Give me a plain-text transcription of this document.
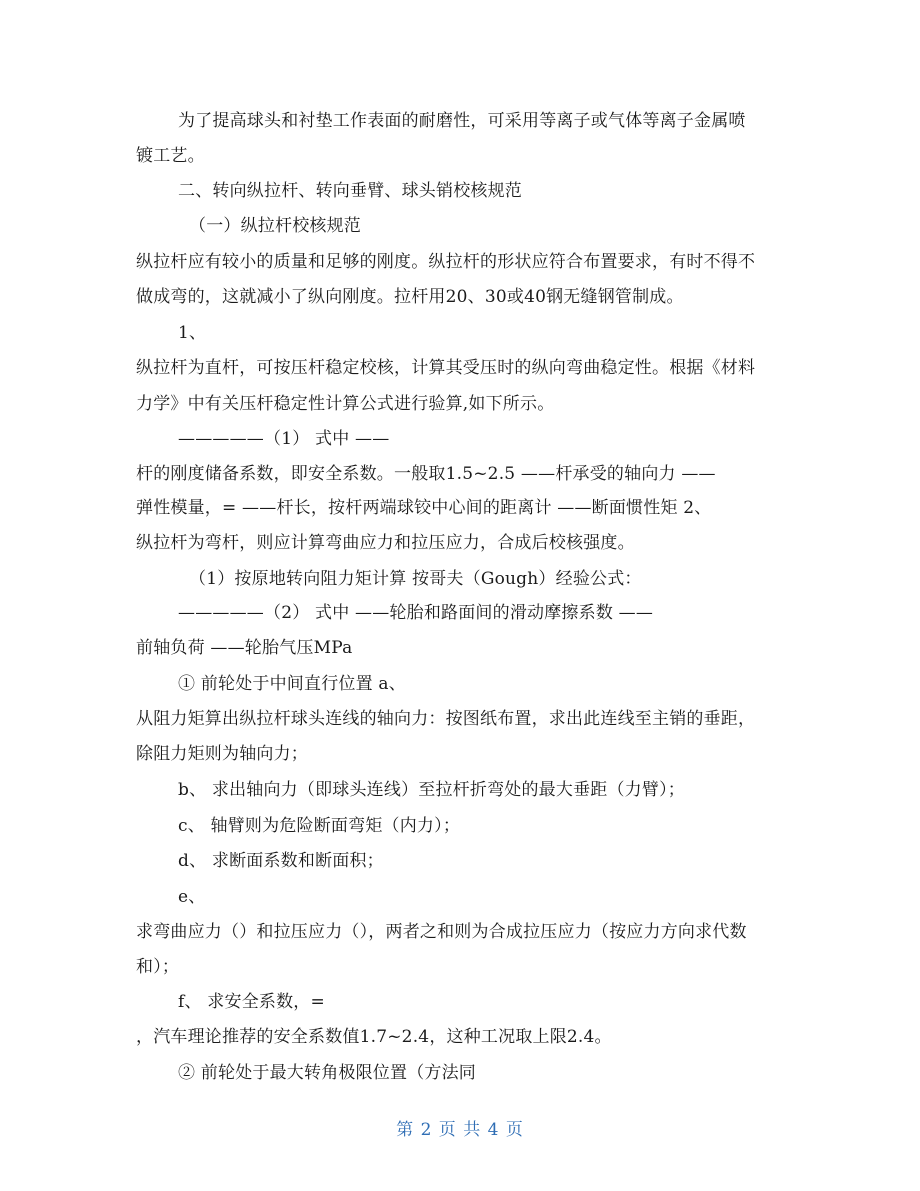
为了提高球头和衬垫工作表面的耐磨性，可采用等离子或气体等离子金属喷
镀工艺。
二、转向纵拉杆、转向垂臂、球头销校核规范
（一）纵拉杆校核规范
纵拉杆应有较小的质量和足够的刚度。纵拉杆的形状应符合布置要求，有时不得不
做成弯的，这就减小了纵向刚度。拉杆用20、30或40钢无缝钢管制成。
1、
纵拉杆为直杆，可按压杆稳定校核，计算其受压时的纵向弯曲稳定性。根据《材料
力学》中有关压杆稳定性计算公式进行验算,如下所示。
—————（1） 式中 ——
杆的刚度储备系数，即安全系数。一般取1.5~2.5 ——杆承受的轴向力 ——
弹性模量，= ——杆长，按杆两端球铰中心间的距离计 ——断面惯性矩 2、
纵拉杆为弯杆，则应计算弯曲应力和拉压应力，合成后校核强度。
（1）按原地转向阻力矩计算 按哥夫（Gough）经验公式：
—————（2） 式中 ——轮胎和路面间的滑动摩擦系数 ——
前轴负荷 ——轮胎气压MPa
① 前轮处于中间直行位置 a、
从阻力矩算出纵拉杆球头连线的轴向力：按图纸布置，求出此连线至主销的垂距，
除阻力矩则为轴向力；
b、 求出轴向力（即球头连线）至拉杆折弯处的最大垂距（力臂）；
c、 轴臂则为危险断面弯矩（内力）；
d、 求断面系数和断面积；
e、
求弯曲应力（）和拉压应力（），两者之和则为合成拉压应力（按应力方向求代数
和）；
f、 求安全系数，=
，汽车理论推荐的安全系数值1.7~2.4，这种工况取上限2.4。
② 前轮处于最大转角极限位置（方法同
第 2 页 共 4 页
